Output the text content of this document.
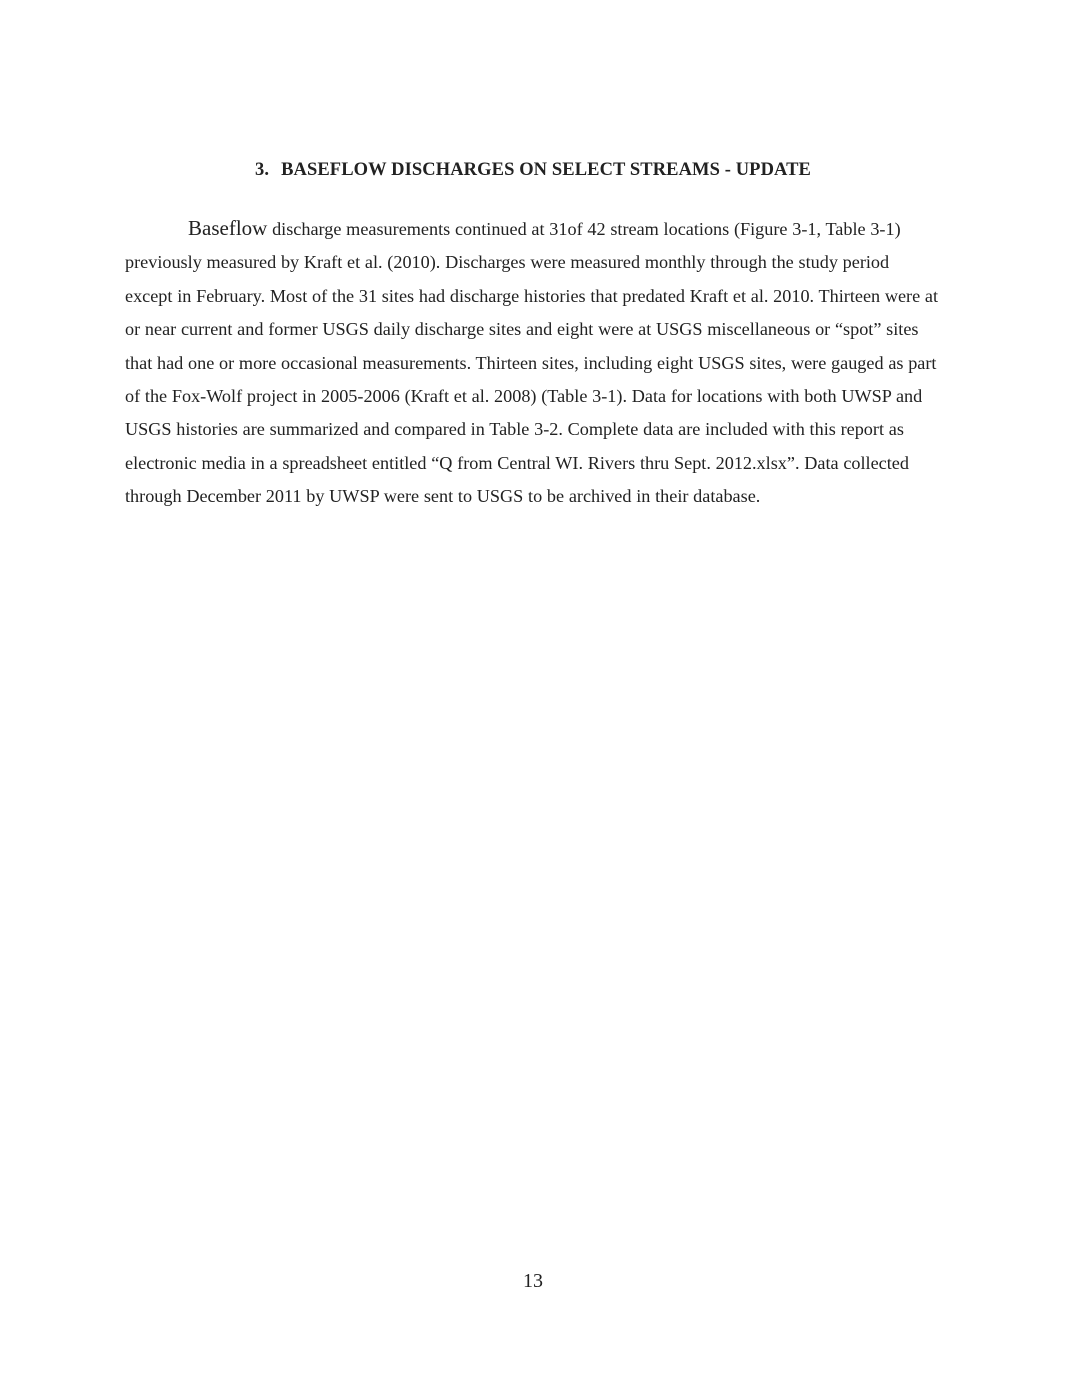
3. BASEFLOW DISCHARGES ON SELECT STREAMS - UPDATE

Baseflow discharge measurements continued at 31of 42 stream locations (Figure 3-1, Table 3-1) previously measured by Kraft et al. (2010). Discharges were measured monthly through the study period except in February. Most of the 31 sites had discharge histories that predated Kraft et al. 2010. Thirteen were at or near current and former USGS daily discharge sites and eight were at USGS miscellaneous or “spot” sites that had one or more occasional measurements. Thirteen sites, including eight USGS sites, were gauged as part of the Fox-Wolf project in 2005-2006 (Kraft et al. 2008) (Table 3-1). Data for locations with both UWSP and USGS histories are summarized and compared in Table 3-2. Complete data are included with this report as electronic media in a spreadsheet entitled “Q from Central WI. Rivers thru Sept. 2012.xlsx”. Data collected through December 2011 by UWSP were sent to USGS to be archived in their database.

13
